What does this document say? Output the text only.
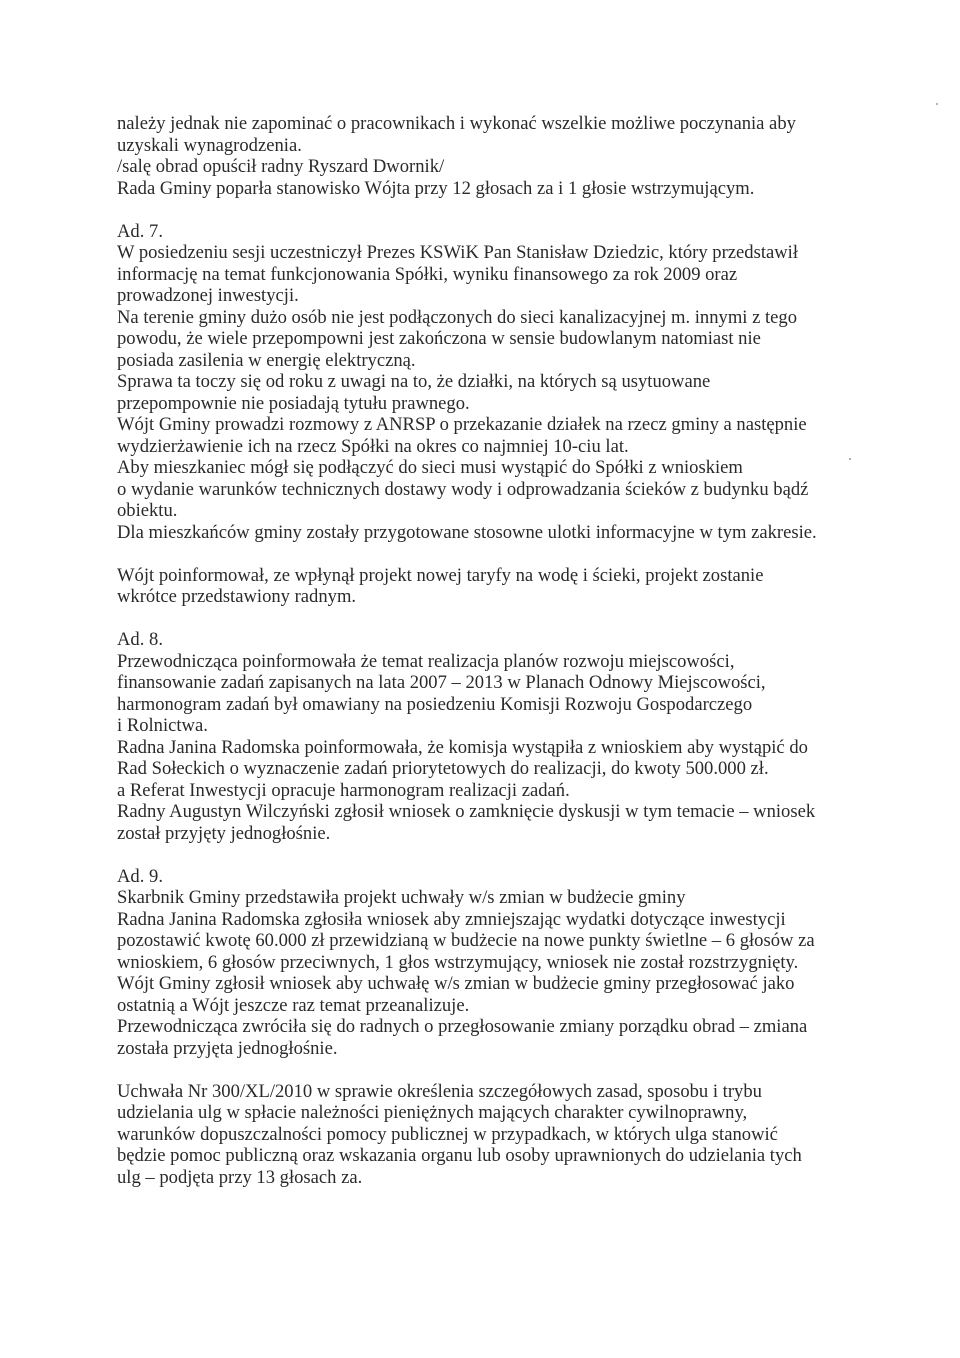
należy jednak nie zapominać o pracownikach i wykonać wszelkie możliwe poczynania aby
uzyskali wynagrodzenia.
/salę obrad opuścił radny Ryszard Dwornik/
Rada Gminy poparła stanowisko Wójta przy 12 głosach za i 1 głosie wstrzymującym.
Ad. 7.
W posiedzeniu sesji uczestniczył Prezes KSWiK Pan Stanisław Dziedzic, który przedstawił
informację na temat funkcjonowania Spółki, wyniku finansowego za rok 2009 oraz
prowadzonej inwestycji.
Na terenie gminy dużo osób nie jest podłączonych do sieci kanalizacyjnej m. innymi z tego
powodu, że wiele przepompowni jest zakończona w sensie budowlanym natomiast nie
posiada zasilenia w energię elektryczną.
Sprawa ta toczy się od roku z uwagi na to, że działki, na których są usytuowane
przepompownie nie posiadają tytułu prawnego.
Wójt Gminy prowadzi rozmowy z ANRSP o przekazanie działek na rzecz gminy a następnie
wydzierżawienie ich na rzecz Spółki na okres co najmniej 10-ciu lat.
Aby mieszkaniec mógł się podłączyć do sieci musi wystąpić do Spółki z wnioskiem
o wydanie warunków technicznych dostawy wody i odprowadzania ścieków z budynku bądź
obiektu.
Dla mieszkańców gminy zostały przygotowane stosowne ulotki informacyjne w tym zakresie.
Wójt poinformował, ze wpłynął projekt nowej taryfy na wodę i ścieki, projekt zostanie
wkrótce przedstawiony radnym.
Ad. 8.
Przewodnicząca poinformowała że temat realizacja planów rozwoju miejscowości,
finansowanie zadań zapisanych na lata 2007 – 2013 w Planach Odnowy Miejscowości,
harmonogram zadań był omawiany na posiedzeniu Komisji Rozwoju Gospodarczego
i Rolnictwa.
Radna Janina Radomska poinformowała, że komisja wystąpiła z wnioskiem aby wystąpić do
Rad Sołeckich o wyznaczenie zadań priorytetowych do realizacji, do kwoty 500.000 zł.
a Referat Inwestycji opracuje harmonogram realizacji zadań.
Radny Augustyn Wilczyński zgłosił wniosek o zamknięcie dyskusji w tym temacie – wniosek
został przyjęty jednogłośnie.
Ad. 9.
Skarbnik Gminy przedstawiła projekt uchwały w/s zmian w budżecie gminy
Radna Janina Radomska zgłosiła wniosek aby zmniejszając wydatki dotyczące inwestycji
pozostawić kwotę 60.000 zł przewidzianą w budżecie na nowe punkty świetlne – 6 głosów za
wnioskiem, 6 głosów przeciwnych, 1 głos wstrzymujący, wniosek nie został rozstrzygnięty.
Wójt Gminy zgłosił wniosek aby uchwałę w/s zmian w budżecie gminy przegłosować jako
ostatnią a Wójt jeszcze raz temat przeanalizuje.
Przewodnicząca zwróciła się do radnych o przegłosowanie zmiany porządku obrad – zmiana
została przyjęta jednogłośnie.
Uchwała Nr 300/XL/2010 w sprawie określenia szczegółowych zasad, sposobu i trybu
udzielania ulg w spłacie należności pieniężnych mających charakter cywilnoprawny,
warunków dopuszczalności pomocy publicznej w przypadkach, w których ulga stanowić
będzie pomoc publiczną oraz wskazania organu lub osoby uprawnionych do udzielania tych
ulg – podjęta przy 13 głosach za.
